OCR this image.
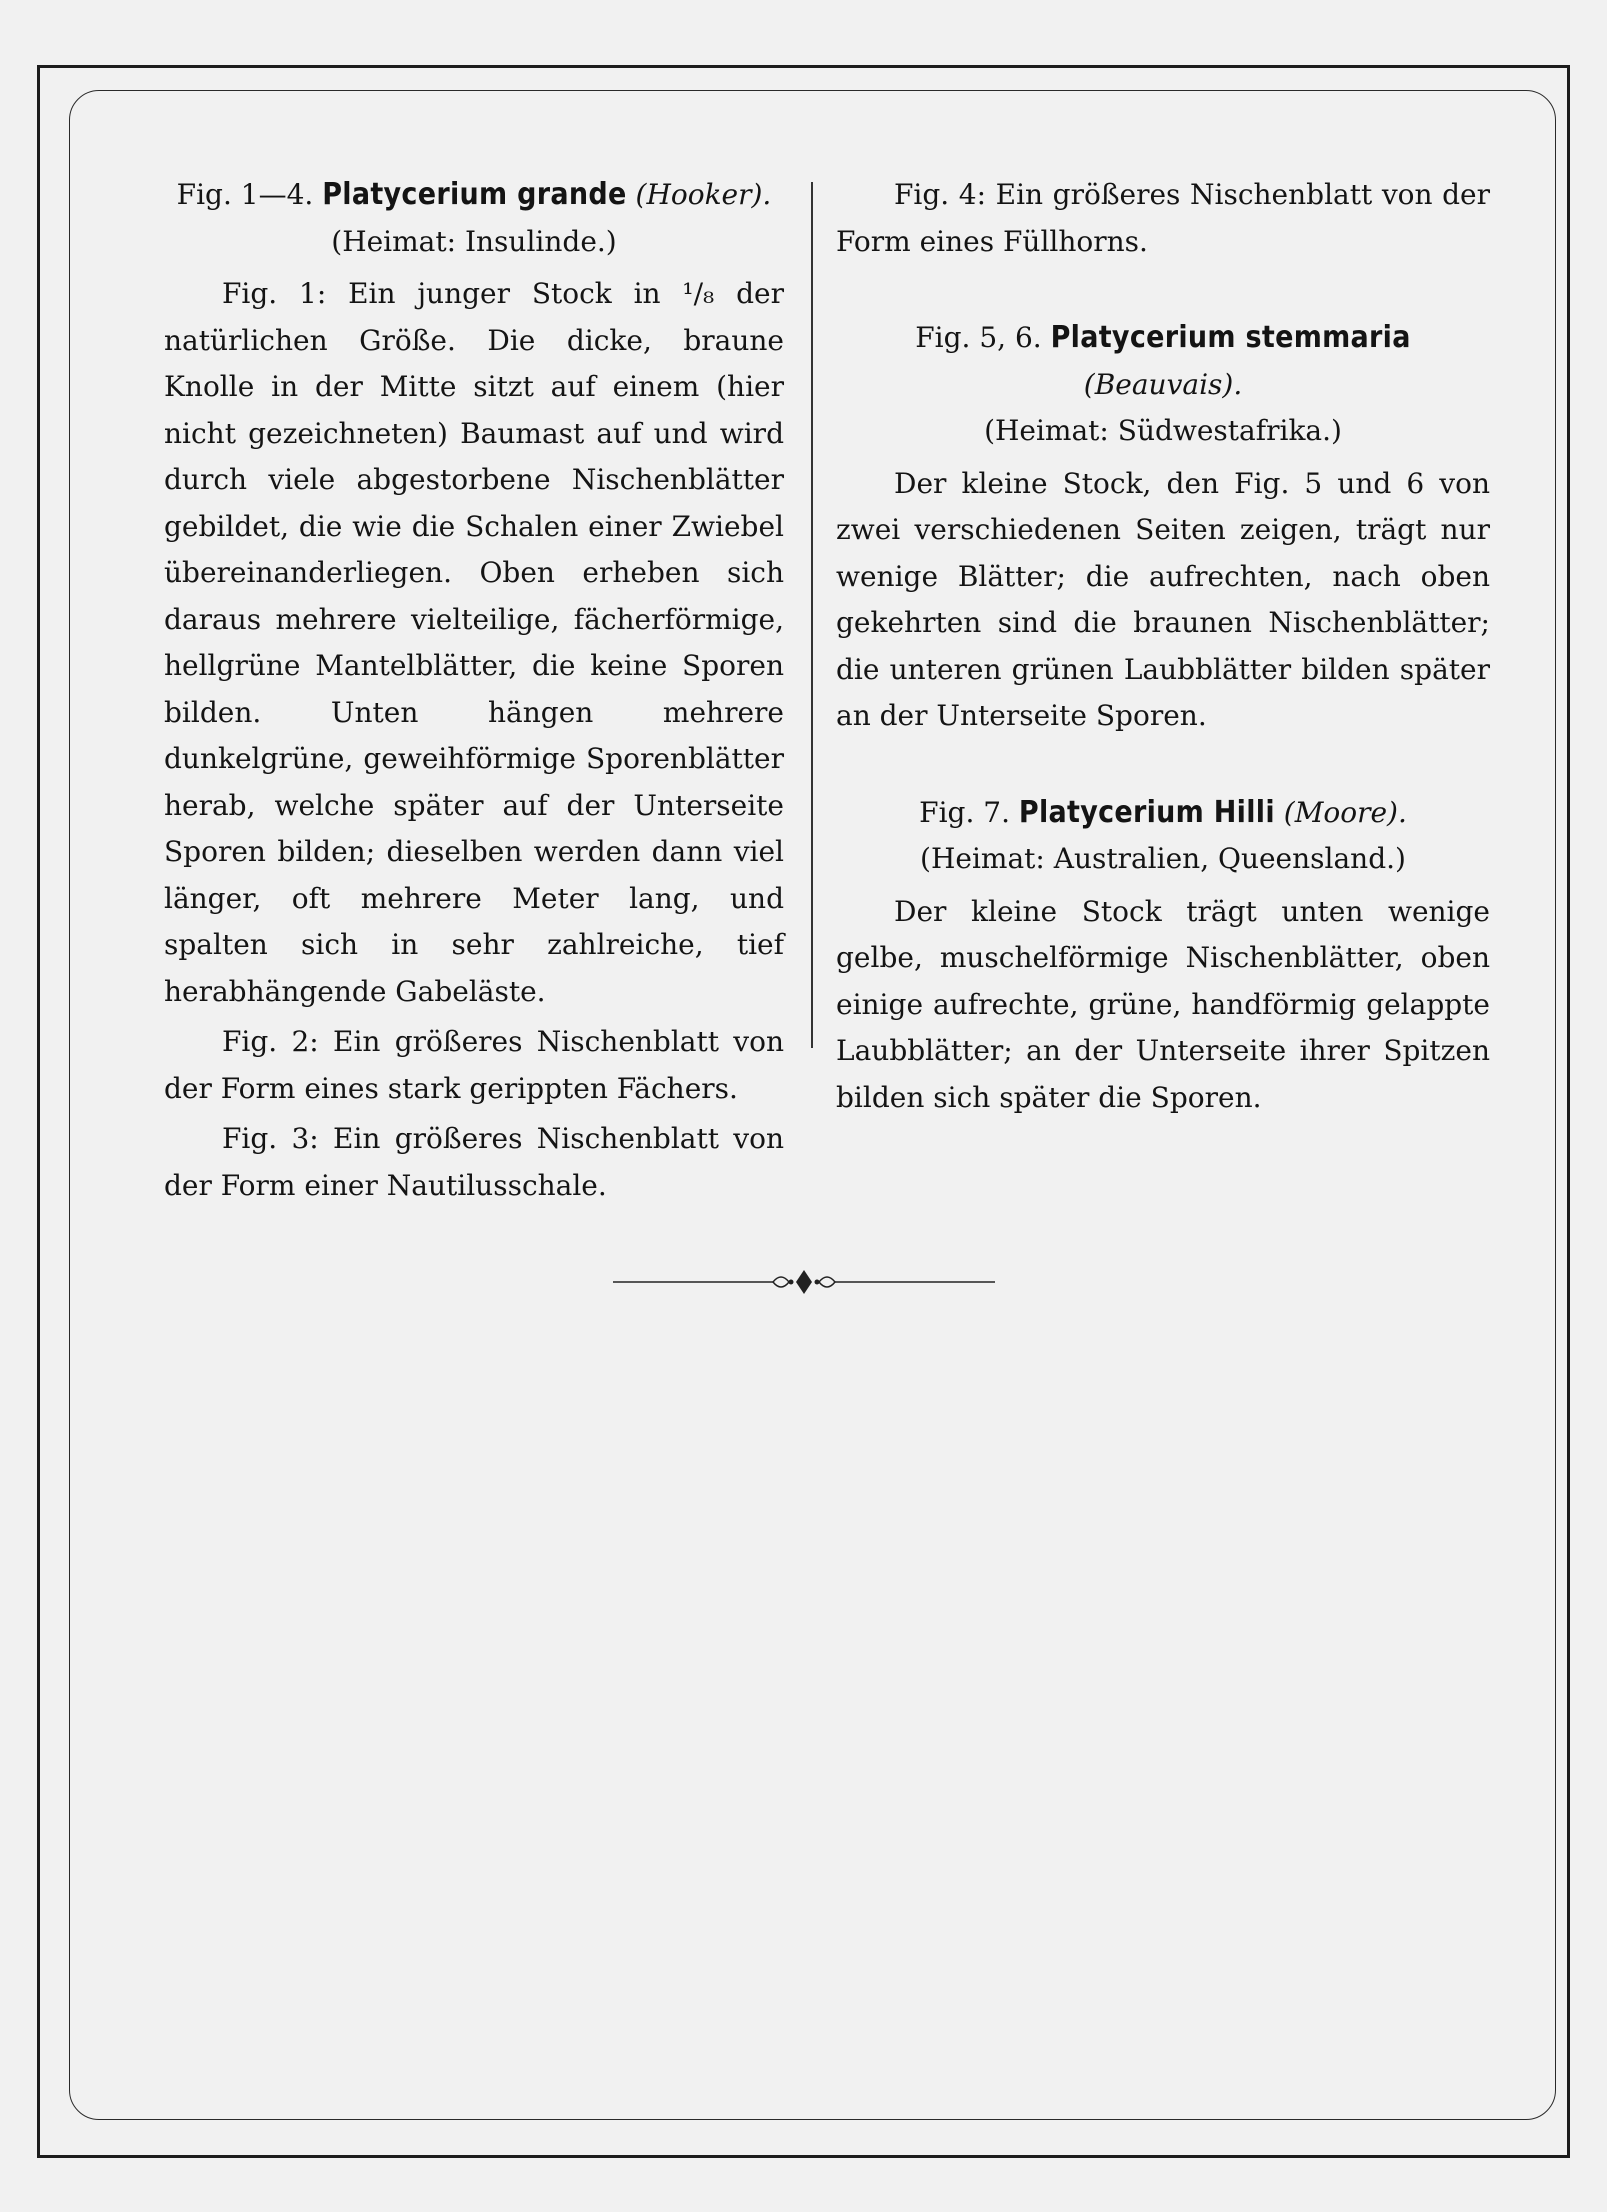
Fig. 1—4. Platycerium grande (Hooker).

(Heimat: Insulinde.)

Fig. 1: Ein junger Stock in ¹/₈ der natürlichen Größe. Die dicke, braune Knolle in der Mitte sitzt auf einem (hier nicht gezeichneten) Baumast auf und wird durch viele abgestorbene Nischenblätter gebildet, die wie die Schalen einer Zwiebel übereinanderliegen. Oben erheben sich daraus mehrere vielteilige, fächerförmige, hellgrüne Mantelblätter, die keine Sporen bilden. Unten hängen mehrere dunkelgrüne, geweihförmige Sporenblätter herab, welche später auf der Unterseite Sporen bilden; dieselben werden dann viel länger, oft mehrere Meter lang, und spalten sich in sehr zahlreiche, tief herabhängende Gabeläste.

Fig. 2: Ein größeres Nischenblatt von der Form eines stark gerippten Fächers.

Fig. 3: Ein größeres Nischenblatt von der Form einer Nautilusschale.

Fig. 4: Ein größeres Nischenblatt von der Form eines Füllhorns.

Fig. 5, 6. Platycerium stemmaria (Beauvais).

(Heimat: Südwestafrika.)

Der kleine Stock, den Fig. 5 und 6 von zwei verschiedenen Seiten zeigen, trägt nur wenige Blätter; die aufrechten, nach oben gekehrten sind die braunen Nischenblätter; die unteren grünen Laubblätter bilden später an der Unterseite Sporen.

Fig. 7. Platycerium Hilli (Moore).

(Heimat: Australien, Queensland.)

Der kleine Stock trägt unten wenige gelbe, muschelförmige Nischenblätter, oben einige aufrechte, grüne, handförmig gelappte Laubblätter; an der Unterseite ihrer Spitzen bilden sich später die Sporen.
